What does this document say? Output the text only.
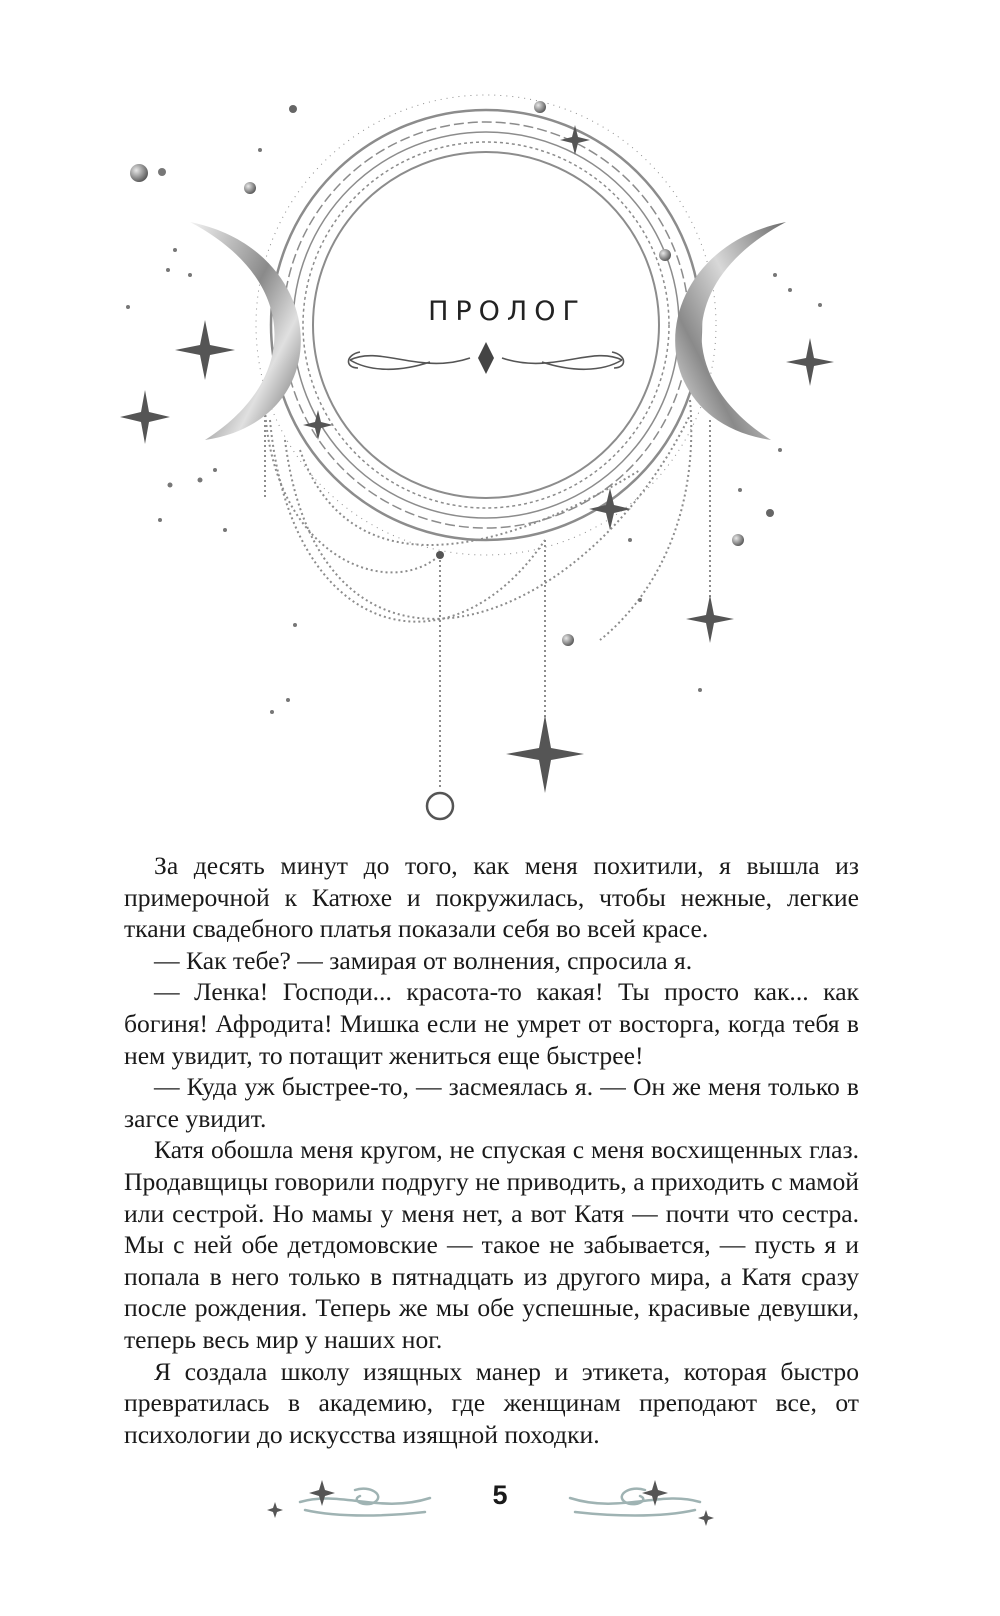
ПРОЛОГ

За десять минут до того, как меня похитили, я вышла из примерочной к Катюхе и покружилась, чтобы нежные, легкие ткани свадебного платья показали себя во всей красе.

— Как тебе? — замирая от волнения, спросила я.

— Ленка! Господи... красота-то какая! Ты просто как... как богиня! Афродита! Мишка если не умрет от восторга, когда тебя в нем увидит, то потащит жениться еще быстрее!

— Куда уж быстрее-то, — засмеялась я. — Он же меня только в загсе увидит.

Катя обошла меня кругом, не спуская с меня восхищенных глаз. Продавщицы говорили подругу не приводить, а приходить с мамой или сестрой. Но мамы у меня нет, а вот Катя — почти что сестра. Мы с ней обе детдомовские — такое не забывается, — пусть я и попала в него только в пятнадцать из другого мира, а Катя сразу после рождения. Теперь же мы обе успешные, красивые девушки, теперь весь мир у наших ног.

Я создала школу изящных манер и этикета, которая быстро превратилась в академию, где женщинам преподают все, от психологии до искусства изящной походки.

5
